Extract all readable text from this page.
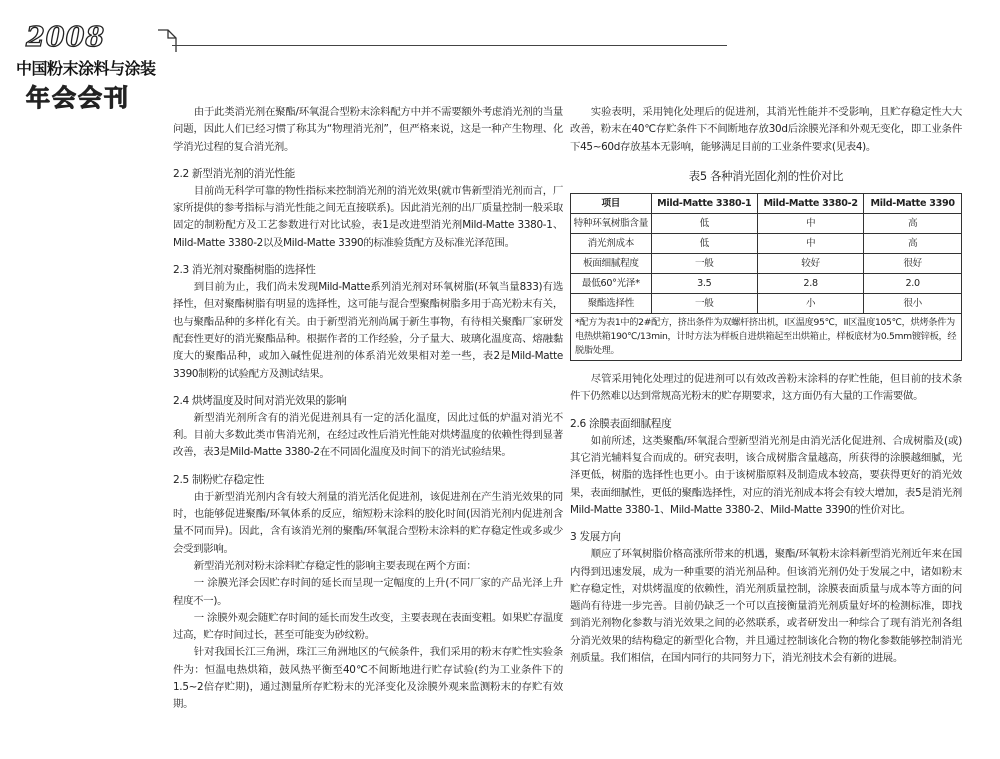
2008
中国粉末涂料与涂装
年会会刊	由于此类消光剂在聚酯/环氧混合型粉末涂料配方中并不需要额外考虑消光剂的当量问题，因此人们已经习惯了称其为“物理消光剂”，但严格来说，这是一种产生物理、化学消光过程的复合消光剂。

2.2 新型消光剂的消光性能

目前尚无科学可靠的物性指标来控制消光剂的消光效果(就市售新型消光剂而言，厂家所提供的参考指标与消光性能之间无直接联系)。因此消光剂的出厂质量控制一般采取固定的制粉配方及工艺参数进行对比试验，表1是改进型消光剂Mild-Matte 3380-1、Mild-Matte 3380-2以及Mild-Matte 3390的标准验货配方及标准光泽范围。

2.3 消光剂对聚酯树脂的选择性

到目前为止，我们尚未发现Mild-Matte系列消光剂对环氧树脂(环氧当量833)有选择性，但对聚酯树脂有明显的选择性，这可能与混合型聚酯树脂多用于高光粉末有关，也与聚酯品种的多样化有关。由于新型消光剂尚属于新生事物，有待相关聚酯厂家研发配套性更好的消光聚酯品种。根据作者的工作经验，分子量大、玻璃化温度高、熔融黏度大的聚酯品种，或加入碱性促进剂的体系消光效果相对差一些，表2是Mild-Matte 3390制粉的试验配方及测试结果。

2.4 烘烤温度及时间对消光效果的影响

新型消光剂所含有的消光促进剂具有一定的活化温度，因此过低的炉温对消光不利。目前大多数此类市售消光剂，在经过改性后消光性能对烘烤温度的依赖性得到显著改善，表3是Mild-Matte 3380-2在不同固化温度及时间下的消光试验结果。

2.5 制粉贮存稳定性

由于新型消光剂内含有较大剂量的消光活化促进剂，该促进剂在产生消光效果的同时，也能够促进聚酯/环氧体系的反应，缩短粉末涂料的胶化时间(因消光剂内促进剂含量不同而异)。因此，含有该消光剂的聚酯/环氧混合型粉末涂料的贮存稳定性或多或少会受到影响。

新型消光剂对粉末涂料贮存稳定性的影响主要表现在两个方面：

一 涂膜光泽会因贮存时间的延长而呈现一定幅度的上升(不同厂家的产品光泽上升程度不一)。

一 涂膜外观会随贮存时间的延长而发生改变，主要表现在表面变粗。如果贮存温度过高，贮存时间过长，甚至可能变为砂纹粉。

针对我国长江三角洲，珠江三角洲地区的气候条件，我们采用的粉末存贮性实验条件为：恒温电热烘箱，鼓风热平衡至40℃不间断地进行贮存试验(约为工业条件下的1.5~2倍存贮期)，通过测量所存贮粉末的光泽变化及涂膜外观来监测粉末的存贮有效期。

实验表明，采用钝化处理后的促进剂，其消光性能并不受影响，且贮存稳定性大大改善，粉末在40℃存贮条件下不间断地存放30d后涂膜光泽和外观无变化，即工业条件下45~60d存放基本无影响，能够满足目前的工业条件要求(见表4)。

表5 各种消光固化剂的性价对比
项目	Mild-Matte 3380-1	Mild-Matte 3380-2	Mild-Matte 3390
特种环氧树脂含量	低	中	高
消光剂成本	低	中	高
板面细腻程度	一般	较好	很好
最低60°光泽*	3.5	2.8	2.0
聚酯选择性	一般	小	很小
*配方为表1中的2#配方，挤出条件为双螺杆挤出机，I区温度95℃，II区温度105℃，烘烤条件为电热烘箱190℃/13min，计时方法为样板自进烘箱起至出烘箱止，样板底材为0.5mm镀锌板，经脱脂处理。			

尽管采用钝化处理过的促进剂可以有效改善粉末涂料的存贮性能，但目前的技术条件下仍然难以达到常规高光粉末的贮存期要求，这方面仍有大量的工作需要做。

2.6 涂膜表面细腻程度

如前所述，这类聚酯/环氧混合型新型消光剂是由消光活化促进剂、合成树脂及(或)其它消光辅料复合而成的。研究表明，该合成树脂含量越高，所获得的涂膜越细腻，光泽更低，树脂的选择性也更小。由于该树脂原料及制造成本较高，要获得更好的消光效果，表面细腻性，更低的聚酯选择性，对应的消光剂成本将会有较大增加，表5是消光剂Mild-Matte 3380-1、Mild-Matte 3380-2、Mild-Matte 3390的性价对比。

3 发展方向

顺应了环氧树脂价格高涨所带来的机遇，聚酯/环氧粉末涂料新型消光剂近年来在国内得到迅速发展，成为一种重要的消光剂品种。但该消光剂仍处于发展之中，诸如粉末贮存稳定性，对烘烤温度的依赖性，消光剂质量控制，涂膜表面质量与成本等方面的问题尚有待进一步完善。目前仍缺乏一个可以直接衡量消光剂质量好坏的检测标准，即找到消光剂物化参数与消光效果之间的必然联系，或者研发出一种综合了现有消光剂各组分消光效果的结构稳定的新型化合物，并且通过控制该化合物的物化参数能够控制消光剂质量。我们相信，在国内同行的共同努力下，消光剂技术会有新的进展。
